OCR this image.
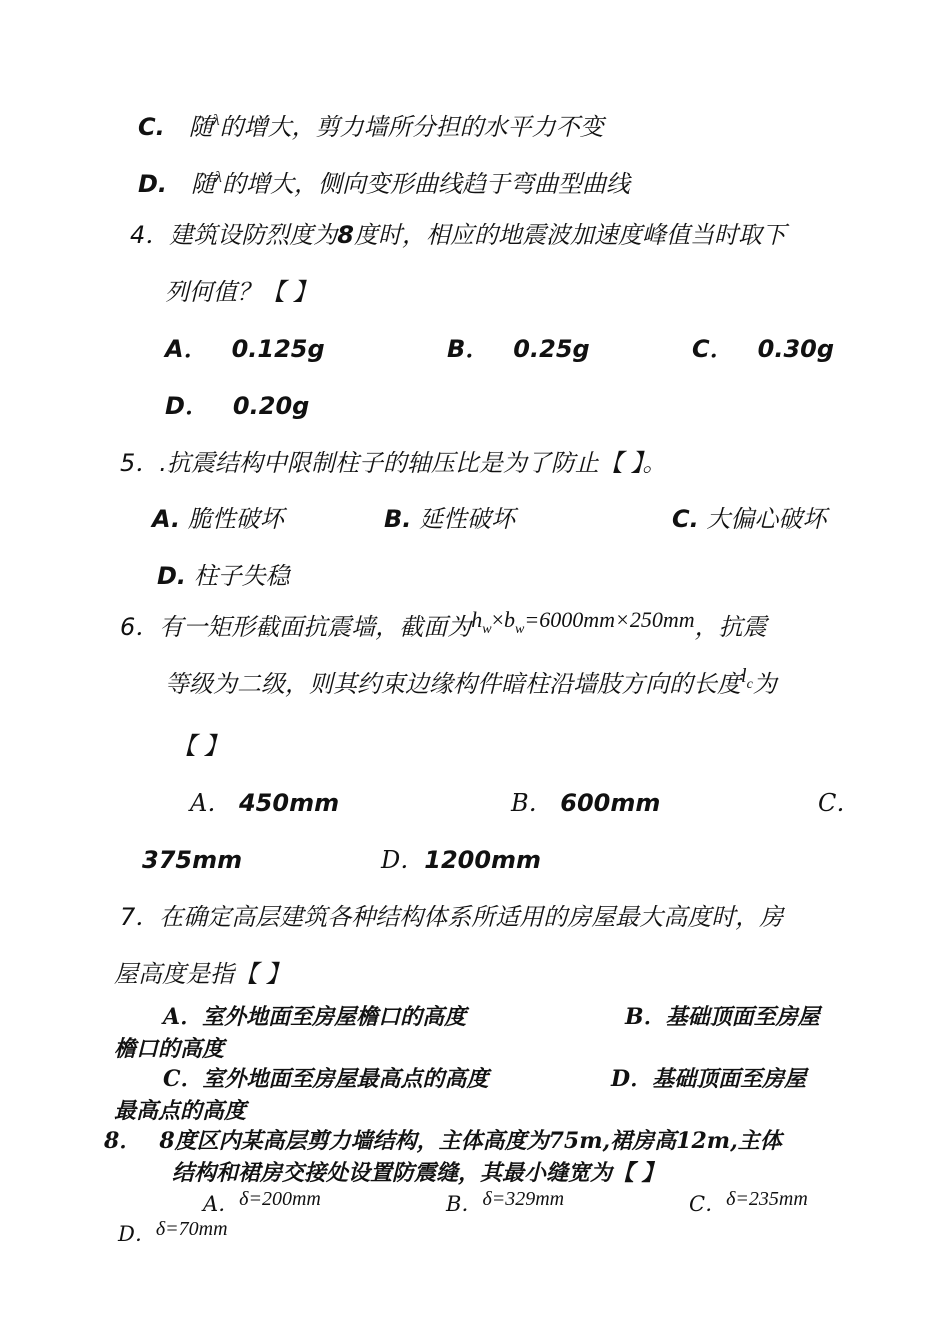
C. 随$^\lambda$的增大，剪力墙所分担的水平力不变
D. 随$^\lambda$的增大，侧向变形曲线趋于弯曲型曲线
4．建筑设防烈度为8度时，相应的地震波加速度峰值当时取下
列何值？【 】
A． 0.125g	B． 0.25g	C． 0.30g
D． 0.20g
5．.抗震结构中限制柱子的轴压比是为了防止【 】。
A. 脆性破坏	B. 延性破坏	C. 大偏心破坏
D. 柱子失稳
6．有一矩形截面抗震墙，截面为$h_w\times b_w=6000mm\times 250mm$，抗震
等级为二级，则其约束边缘构件暗柱沿墙肢方向的长度$^{l_c}$为
【 】
A． 450mm	B． 600mm	C．
375mm	D．1200mm
7．在确定高层建筑各种结构体系所适用的房屋最大高度时，房
屋高度是指【 】
A．室外地面至房屋檐口的高度	B．基础顶面至房屋
檐口的高度
C．室外地面至房屋最高点的高度	D．基础顶面至房屋
最高点的高度
8． 8度区内某高层剪力墙结构，主体高度为75m,裙房高12m,主体
结构和裙房交接处设置防震缝，其最小缝宽为【 】
A．$^{\delta=200mm}$	B．$^{\delta=329mm}$	C．$^{\delta=235mm}$
D．$^{\delta=70mm}$
